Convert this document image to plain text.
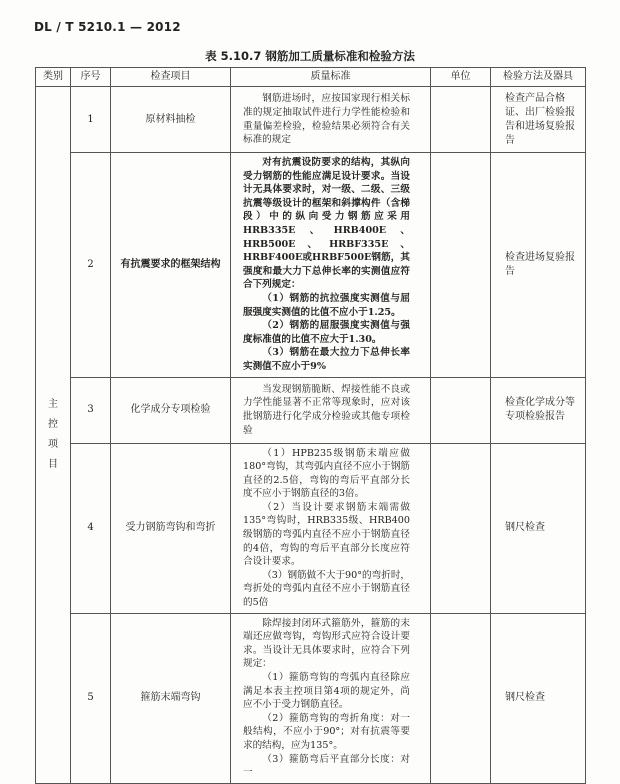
DL / T 5210.1 — 2012
表 5.10.7 钢筋加工质量标准和检验方法
类别	序号	检查项目	质量标准	单位	检验方法及器具

主
控
项
目	1	原材料抽检	钢筋进场时，应按国家现行相关标准的规定抽取试件进行力学性能检验和重量偏差检验，检验结果必须符合有关标准的规定		检查产品合格证、出厂检验报告和进场复验报告
	2	有抗震要求的框架结构	对有抗震设防要求的结构，其纵向受力钢筋的性能应满足设计要求。当设计无具体要求时，对一级、二级、三级抗震等级设计的框架和斜撑构件（含梯段）中的纵向受力钢筋应采用HRB335E、HRB400E、HRB500E、HRBF335E、HRBF400E或HRBF500E钢筋，其强度和最大力下总伸长率的实测值应符合下列规定：

（1）钢筋的抗拉强度实测值与屈服强度实测值的比值不应小于1.25。

（2）钢筋的屈服强度实测值与强度标准值的比值不应大于1.30。

（3）钢筋在最大拉力下总伸长率实测值不应小于9%		检查进场复验报告
	3	化学成分专项检验	当发现钢筋脆断、焊接性能不良或力学性能显著不正常等现象时，应对该批钢筋进行化学成分检验或其他专项检验		检查化学成分等专项检验报告
	4	受力钢筋弯钩和弯折	（1）HPB235级钢筋末端应做180°弯钩，其弯弧内直径不应小于钢筋直径的2.5倍，弯钩的弯后平直部分长度不应小于钢筋直径的3倍。

（2）当设计要求钢筋末端需做135°弯钩时，HRB335级、HRB400级钢筋的弯弧内直径不应小于钢筋直径的4倍，弯钩的弯后平直部分长度应符合设计要求。

（3）钢筋做不大于90°的弯折时，弯折处的弯弧内直径不应小于钢筋直径的5倍		钢尺检查
	5	箍筋末端弯钩	除焊接封闭环式箍筋外，箍筋的末端还应做弯钩，弯钩形式应符合设计要求。当设计无具体要求时，应符合下列规定：

（1）箍筋弯钩的弯弧内直径除应满足本表主控项目第4项的规定外，尚应不小于受力钢筋直径。

（2）箍筋弯钩的弯折角度：对一般结构，不应小于90°；对有抗震等要求的结构，应为135°。

（3）箍筋弯后平直部分长度：对一		钢尺检查
